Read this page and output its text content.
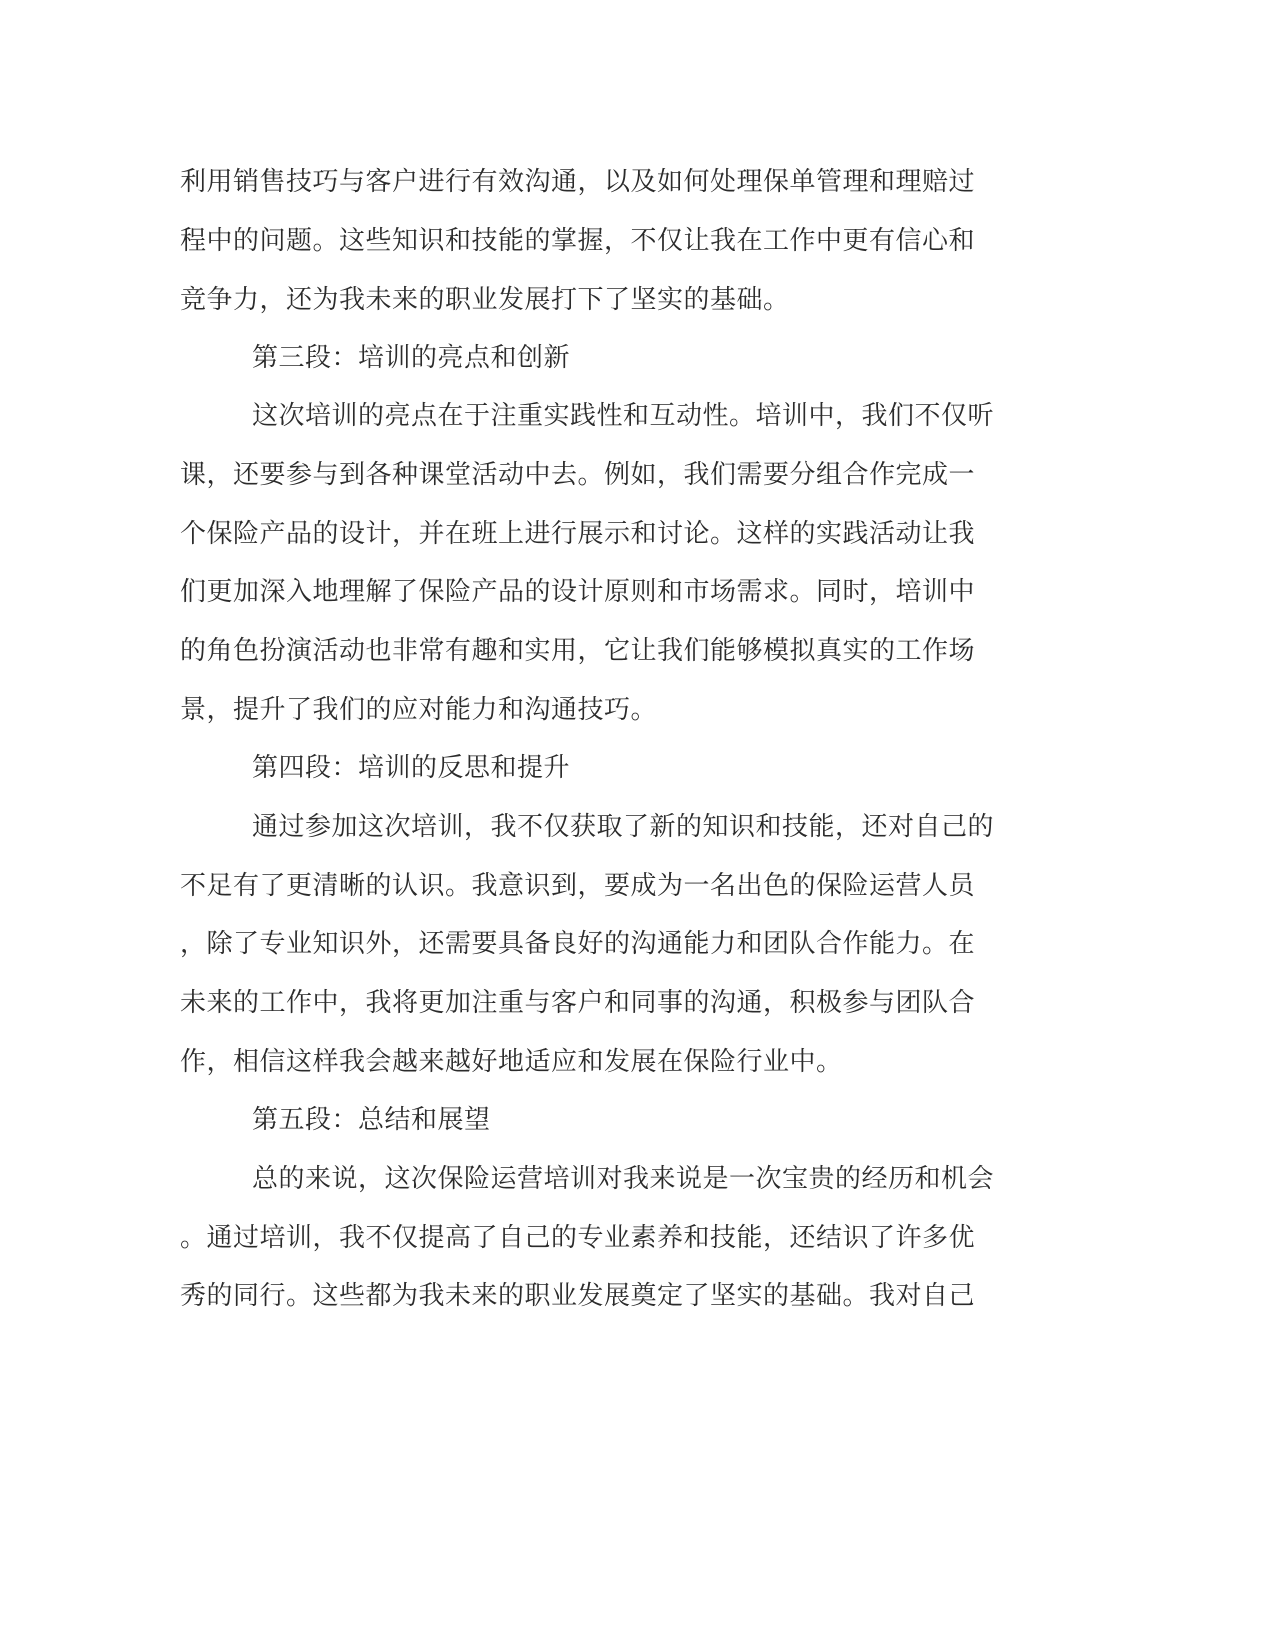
利用销售技巧与客户进行有效沟通，以及如何处理保单管理和理赔过

程中的问题。这些知识和技能的掌握，不仅让我在工作中更有信心和

竞争力，还为我未来的职业发展打下了坚实的基础。

第三段：培训的亮点和创新

这次培训的亮点在于注重实践性和互动性。培训中，我们不仅听

课，还要参与到各种课堂活动中去。例如，我们需要分组合作完成一

个保险产品的设计，并在班上进行展示和讨论。这样的实践活动让我

们更加深入地理解了保险产品的设计原则和市场需求。同时，培训中

的角色扮演活动也非常有趣和实用，它让我们能够模拟真实的工作场

景，提升了我们的应对能力和沟通技巧。

第四段：培训的反思和提升

通过参加这次培训，我不仅获取了新的知识和技能，还对自己的

不足有了更清晰的认识。我意识到，要成为一名出色的保险运营人员

，除了专业知识外，还需要具备良好的沟通能力和团队合作能力。在

未来的工作中，我将更加注重与客户和同事的沟通，积极参与团队合

作，相信这样我会越来越好地适应和发展在保险行业中。

第五段：总结和展望

总的来说，这次保险运营培训对我来说是一次宝贵的经历和机会

。通过培训，我不仅提高了自己的专业素养和技能，还结识了许多优

秀的同行。这些都为我未来的职业发展奠定了坚实的基础。我对自己
